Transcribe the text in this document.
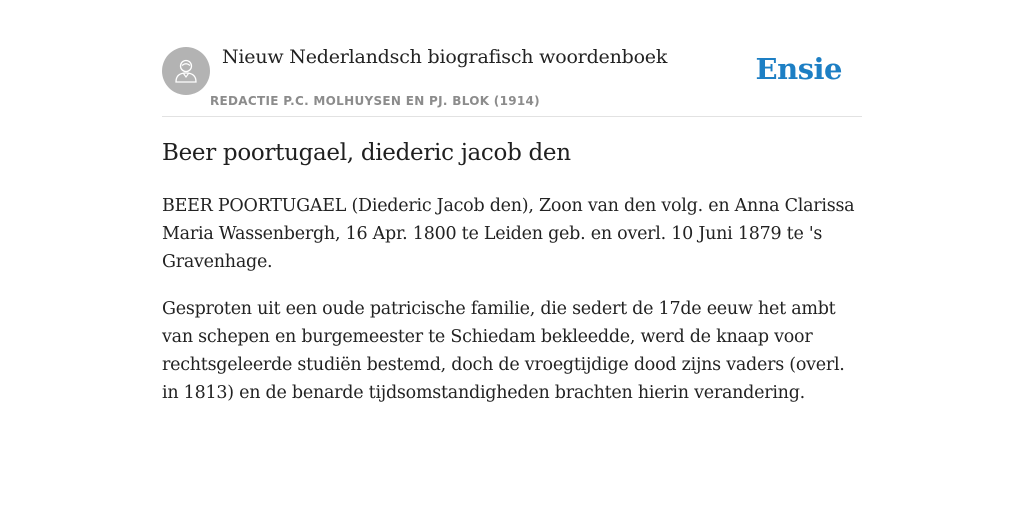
Nieuw Nederlandsch biografisch woordenboek
REDACTIE P.C. MOLHUYSEN EN PJ. BLOK (1914)
Ensie
Beer poortugael, diederic jacob den

BEER POORTUGAEL (Diederic Jacob den), Zoon van den volg. en Anna Clarissa Maria Wassenbergh, 16 Apr. 1800 te Leiden geb. en overl. 10 Juni 1879 te 's Gravenhage.

Gesproten uit een oude patricische familie, die sedert de 17de eeuw het ambt van schepen en burgemeester te Schiedam bekleedde, werd de knaap voor rechtsgeleerde studiën bestemd, doch de vroegtijdige dood zijns vaders (overl. in 1813) en de benarde tijdsomstandigheden brachten hierin verandering.
